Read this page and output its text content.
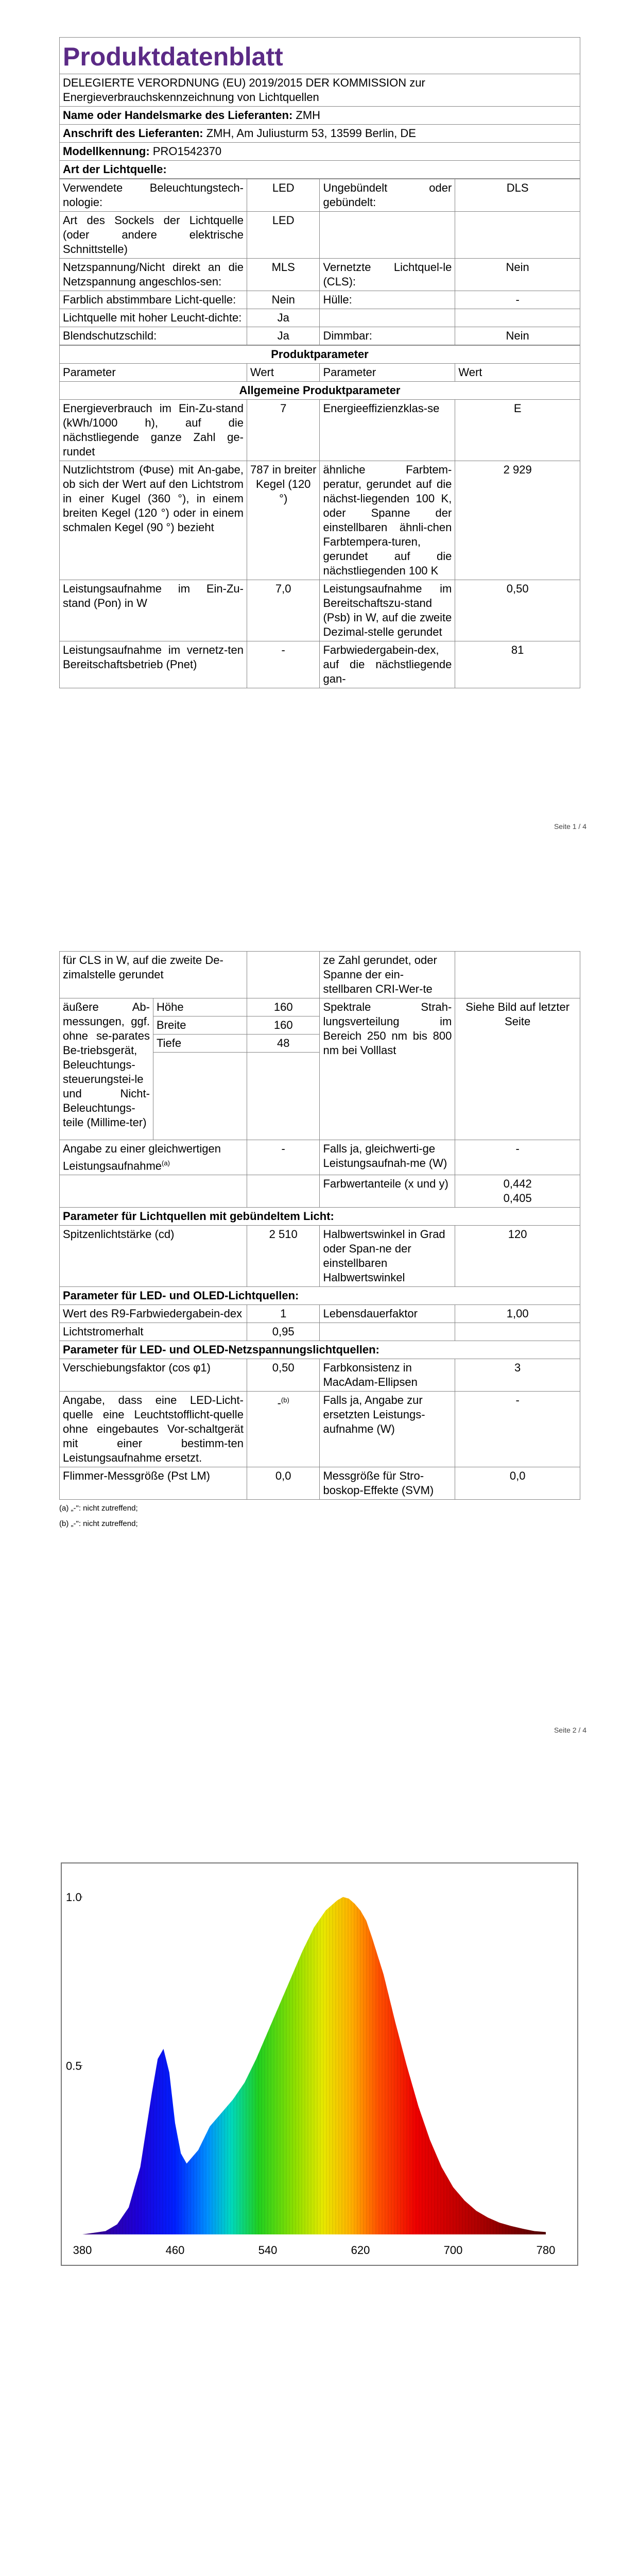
Produktdatenblatt
DELEGIERTE VERORDNUNG (EU) 2019/2015 DER KOMMISSION zur Energieverbrauchskennzeichnung von Lichtquellen
Name oder Handelsmarke des Lieferanten: ZMH
Anschrift des Lieferanten: ZMH, Am Juliusturm 53, 13599 Berlin, DE
Modellkennung: PRO1542370
Art der Lichtquelle:
Verwendete Beleuchtungstech-nologie:	LED	Ungebündelt oder gebündelt:	DLS
Art des Sockels der Lichtquelle (oder andere elektrische Schnittstelle)	LED		
Netzspannung/Nicht direkt an die Netzspannung angeschlos-sen:	MLS	Vernetzte Lichtquel-le (CLS):	Nein
Farblich abstimmbare Licht-quelle:	Nein	Hülle:	-
Lichtquelle mit hoher Leucht-dichte:	Ja		
Blendschutzschild:	Ja	Dimmbar:	Nein
Produktparameter			
Parameter	Wert	Parameter	Wert
Allgemeine Produktparameter			
Energieverbrauch im Ein-Zu-stand (kWh/1000 h), auf die nächstliegende ganze Zahl ge-rundet	7	Energieeffizienzklas-se	E
Nutzlichtstrom (Φuse) mit An-gabe, ob sich der Wert auf den Lichtstrom in einer Kugel (360 °), in einem breiten Kegel (120 °) oder in einem schmalen Kegel (90 °) bezieht	787 in breiter Kegel (120 °)	ähnliche Farbtem-peratur, gerundet auf die nächst-liegenden 100 K, oder Spanne der einstellbaren ähnli-chen Farbtempera-turen, gerundet auf die nächstliegenden 100 K	2 929
Leistungsaufnahme im Ein-Zu-stand (Pon) in W	7,0	Leistungsaufnahme im Bereitschaftszu-stand (Psb) in W, auf die zweite Dezimal-stelle gerundet	0,50
Leistungsaufnahme im vernetz-ten Bereitschaftsbetrieb (Pnet)	-	Farbwiedergabein-dex, auf die nächstliegende gan-	81
Seite 1 / 4
für CLS in W, auf die zweite De-zimalstelle gerundet			ze Zahl gerundet, oder Spanne der ein-stellbaren CRI-Wer-te	
äußere Ab-messungen, ggf. ohne se-parates Be-triebsgerät, Beleuchtungs-steuerungstei-le und Nicht-Beleuchtungs-teile (Millime-ter)	Höhe	160	Spektrale Strah-lungsverteilung im Bereich 250 nm bis 800 nm bei Volllast	Siehe Bild auf letzter Seite
	Breite	160		
	Tiefe	48		

Angabe zu einer gleichwertigen Leistungsaufnahme$^{(a)}$		-	Falls ja, gleichwerti-ge Leistungsaufnah-me (W)	-
			Farbwertanteile (x und y)	0,442
0,405

Parameter für Lichtquellen mit gebündeltem Licht:				
Spitzenlichtstärke (cd)		2 510	Halbwertswinkel in Grad oder Span-ne der einstellbaren Halbwertswinkel	120
Parameter für LED- und OLED-Lichtquellen:				
Wert des R9-Farbwiedergabein-dex		1	Lebensdauerfaktor	1,00
Lichtstromerhalt		0,95		
Parameter für LED- und OLED-Netzspannungslichtquellen:				
Verschiebungsfaktor (cos φ1)		0,50	Farbkonsistenz in MacAdam-Ellipsen	3
Angabe, dass eine LED-Licht-quelle eine Leuchtstofflicht-quelle ohne eingebautes Vor-schaltgerät mit einer bestimm-ten Leistungsaufnahme ersetzt.		-$^{(b)}$	Falls ja, Angabe zur ersetzten Leistungs-aufnahme (W)	-
Flimmer-Messgröße (Pst LM)		0,0	Messgröße für Stro-boskop-Effekte (SVM)	0,0
(a) „-": nicht zutreffend;
(b) „-": nicht zutreffend;
Seite 2 / 4
380	460	540	620	700	780
0.5
1.0
